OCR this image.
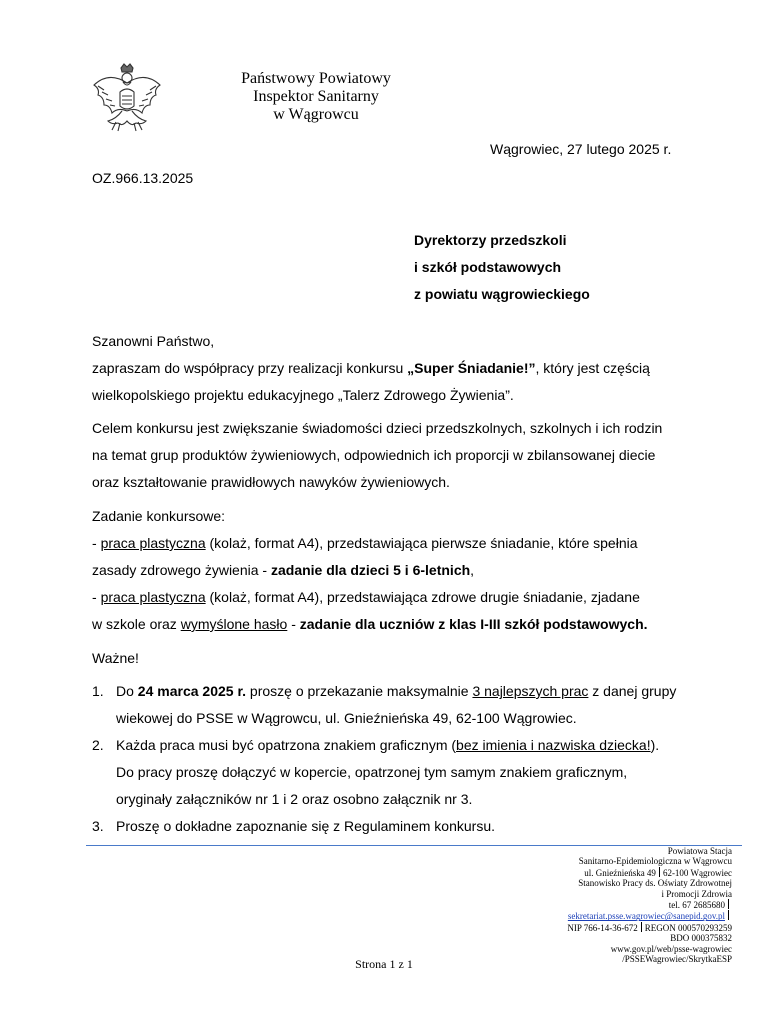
Państwowy Powiatowy
Inspektor Sanitarny
w Wągrowcu
Wągrowiec, 27 lutego 2025 r.
OZ.966.13.2025
Dyrektorzy przedszkoli
i szkół podstawowych
z powiatu wągrowieckiego
Szanowni Państwo,
zapraszam do współpracy przy realizacji konkursu „Super Śniadanie!”, który jest częścią
wielkopolskiego projektu edukacyjnego „Talerz Zdrowego Żywienia”.
Celem konkursu jest zwiększanie świadomości dzieci przedszkolnych, szkolnych i ich rodzin
na temat grup produktów żywieniowych, odpowiednich ich proporcji w zbilansowanej diecie
oraz kształtowanie prawidłowych nawyków żywieniowych.
Zadanie konkursowe:
- praca plastyczna (kolaż, format A4), przedstawiająca pierwsze śniadanie, które spełnia
zasady zdrowego żywienia - zadanie dla dzieci 5 i 6-letnich,
- praca plastyczna (kolaż, format A4), przedstawiająca zdrowe drugie śniadanie, zjadane
w szkole oraz wymyślone hasło - zadanie dla uczniów z klas I-III szkół podstawowych.
Ważne!
1. Do 24 marca 2025 r. proszę o przekazanie maksymalnie 3 najlepszych prac z danej grupy
wiekowej do PSSE w Wągrowcu, ul. Gnieźnieńska 49, 62-100 Wągrowiec.
2. Każda praca musi być opatrzona znakiem graficznym (bez imienia i nazwiska dziecka!).
Do pracy proszę dołączyć w kopercie, opatrzonej tym samym znakiem graficznym,
oryginały załączników nr 1 i 2 oraz osobno załącznik nr 3.
3. Proszę o dokładne zapoznanie się z Regulaminem konkursu.
Powiatowa Stacja
Sanitarno-Epidemiologiczna w Wągrowcu
ul. Gnieźnieńska 49 62-100 Wągrowiec
Stanowisko Pracy ds. Oświaty Zdrowotnej
i Promocji Zdrowia
tel. 67 2685680
sekretariat.psse.wagrowiec@sanepid.gov.pl
NIP 766-14-36-672 REGON 000570293259
BDO 000375832
www.gov.pl/web/psse-wagrowiec
/PSSEWagrowiec/SkrytkaESP
Strona 1 z 1
